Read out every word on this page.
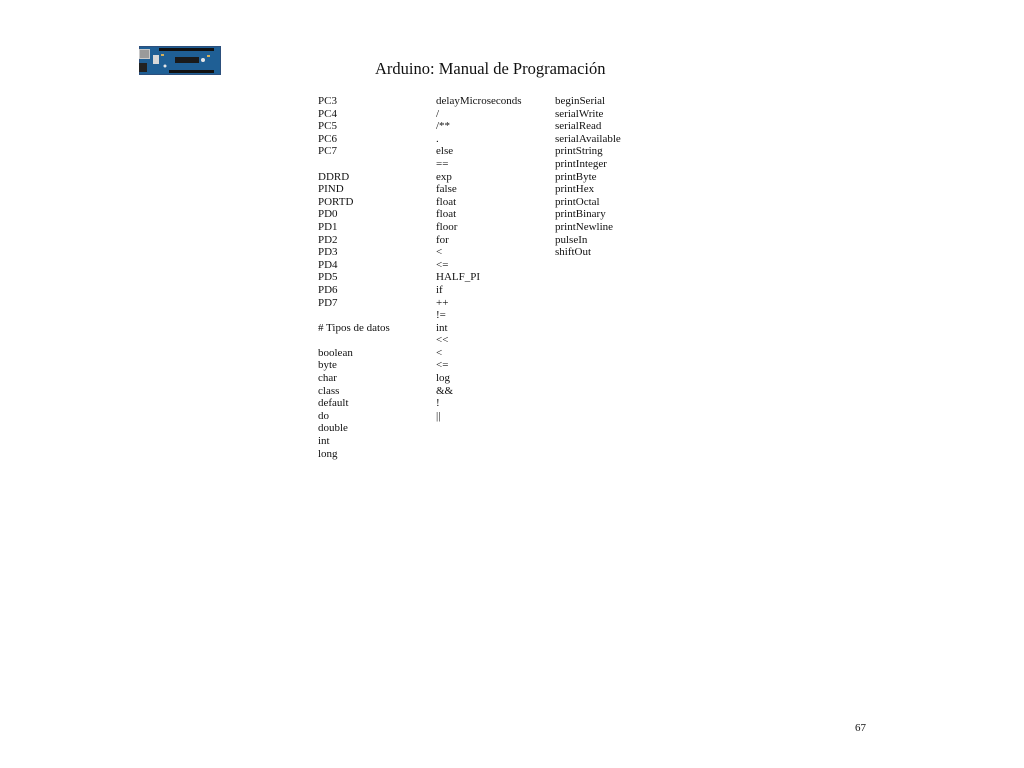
Arduino: Manual de Programación
PC3
PC4
PC5
PC6
PC7
DDRD
PIND
PORTD
PD0
PD1
PD2
PD3
PD4
PD5
PD6
PD7
# Tipos de datos
boolean
byte
char
class
default
do
double
int
long
delayMicroseconds
/
/**
.
else
==
exp
false
float
float
floor
for
<
<=
HALF_PI
if
++
!=
int
<<
<
<=
log
&&
!
||
beginSerial
serialWrite
serialRead
serialAvailable
printString
printInteger
printByte
printHex
printOctal
printBinary
printNewline
pulseIn
shiftOut
67
